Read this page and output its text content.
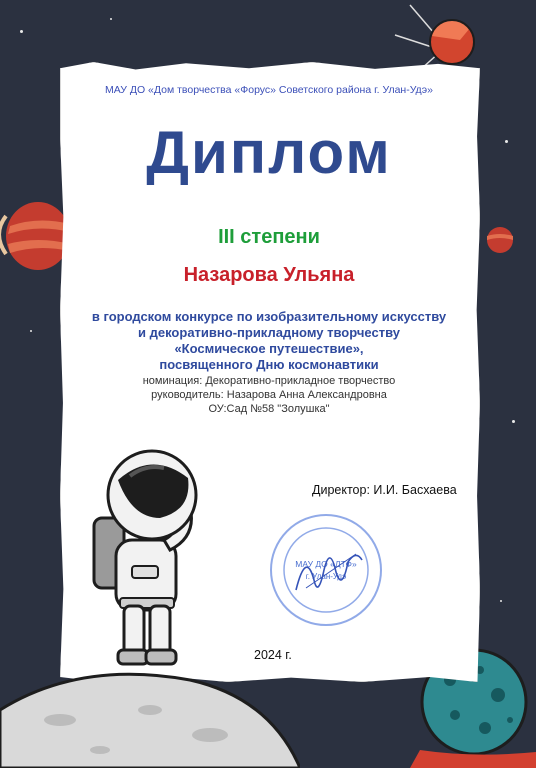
МАУ ДО «Дом творчества «Форус» Советского района г. Улан-Удэ»
Диплом
III степени
Назарова Ульяна
в городском конкурсе по изобразительному искусству
и декоративно-прикладному творчеству
«Космическое путешествие»,
посвященного Дню космонавтики
номинация: Декоративно-прикладное творчество
руководитель: Назарова Анна Александровна
ОУ:Сад №58 "Золушка"
Директор: И.И. Басхаева
МАУ ДО «ДТФ»
г. Улан-Удэ
2024 г.
